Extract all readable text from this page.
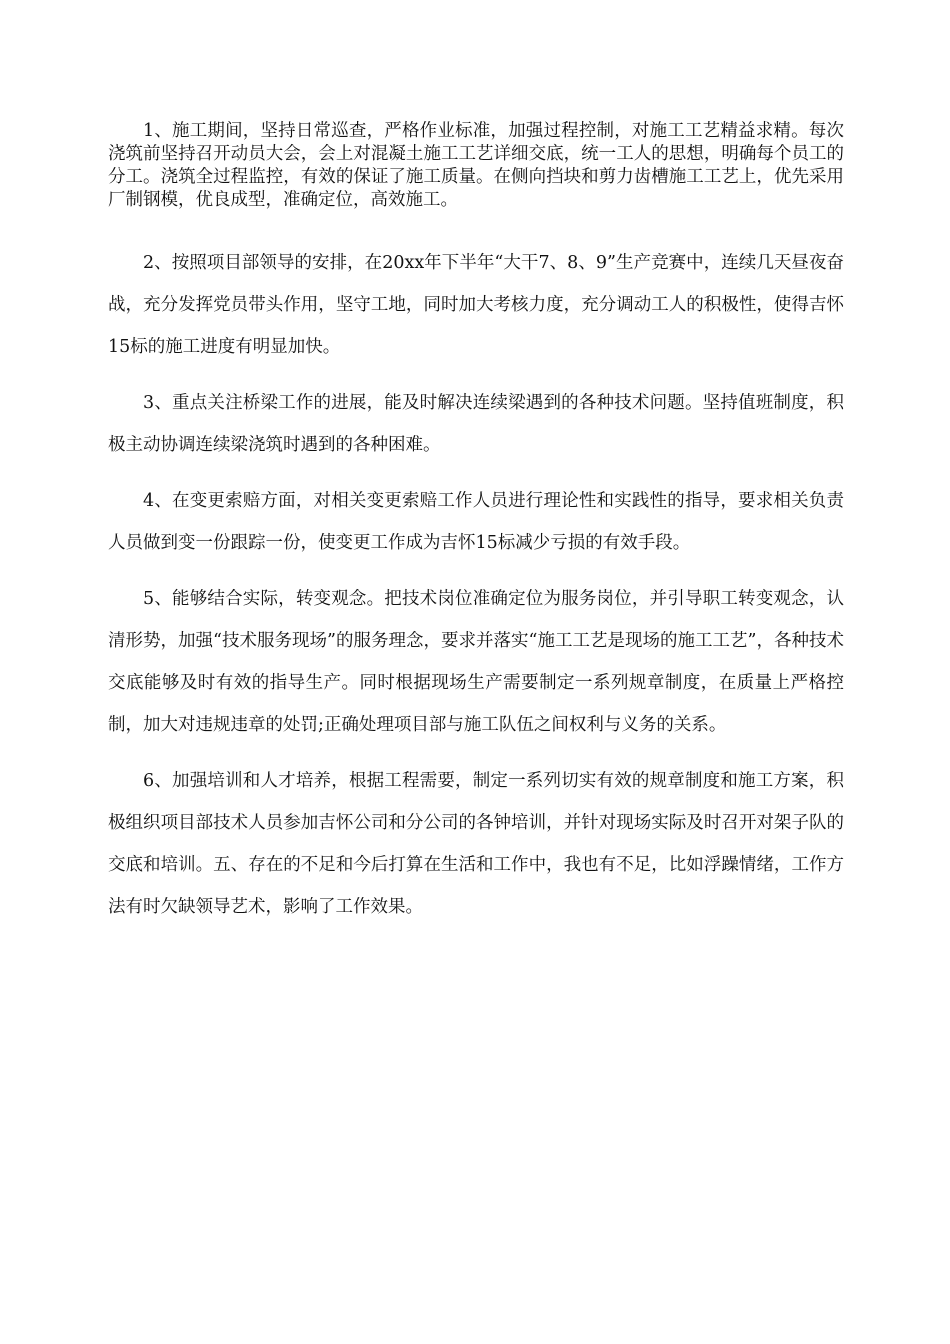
1、施工期间，坚持日常巡查，严格作业标准，加强过程控制，对施工工艺精益求精。每次浇筑前坚持召开动员大会，会上对混凝土施工工艺详细交底，统一工人的思想，明确每个员工的分工。浇筑全过程监控，有效的保证了施工质量。在侧向挡块和剪力齿槽施工工艺上，优先采用厂制钢模，优良成型，准确定位，高效施工。

2、按照项目部领导的安排，在20xx年下半年“大干7、8、9”生产竞赛中，连续几天昼夜奋战，充分发挥党员带头作用，坚守工地，同时加大考核力度，充分调动工人的积极性，使得吉怀15标的施工进度有明显加快。

3、重点关注桥梁工作的进展，能及时解决连续梁遇到的各种技术问题。坚持值班制度，积极主动协调连续梁浇筑时遇到的各种困难。

4、在变更索赔方面，对相关变更索赔工作人员进行理论性和实践性的指导，要求相关负责人员做到变一份跟踪一份，使变更工作成为吉怀15标减少亏损的有效手段。

5、能够结合实际，转变观念。把技术岗位准确定位为服务岗位，并引导职工转变观念，认清形势，加强“技术服务现场”的服务理念，要求并落实“施工工艺是现场的施工工艺”，各种技术交底能够及时有效的指导生产。同时根据现场生产需要制定一系列规章制度，在质量上严格控制，加大对违规违章的处罚;正确处理项目部与施工队伍之间权利与义务的关系。

6、加强培训和人才培养，根据工程需要，制定一系列切实有效的规章制度和施工方案，积极组织项目部技术人员参加吉怀公司和分公司的各钟培训，并针对现场实际及时召开对架子队的交底和培训。五、存在的不足和今后打算在生活和工作中，我也有不足，比如浮躁情绪，工作方法有时欠缺领导艺术，影响了工作效果。
